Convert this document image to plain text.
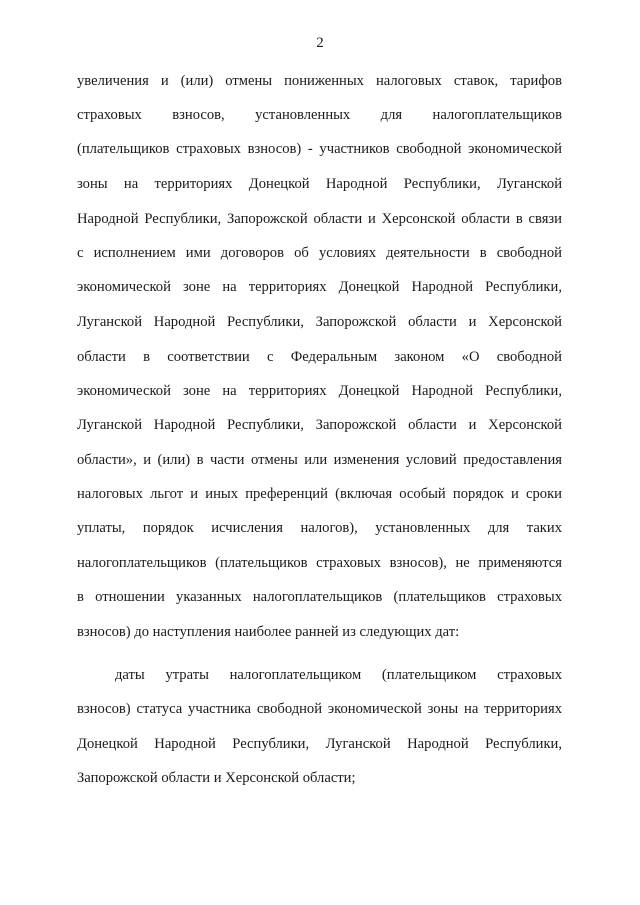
2
увеличения и (или) отмены пониженных налоговых ставок, тарифов
страховых взносов, установленных для налогоплательщиков
(плательщиков страховых взносов) - участников свободной экономической
зоны на территориях Донецкой Народной Республики, Луганской
Народной Республики, Запорожской области и Херсонской области в связи
с исполнением ими договоров об условиях деятельности в свободной
экономической зоне на территориях Донецкой Народной Республики,
Луганской Народной Республики, Запорожской области и Херсонской
области в соответствии с Федеральным законом «О свободной
экономической зоне на территориях Донецкой Народной Республики,
Луганской Народной Республики, Запорожской области и Херсонской
области», и (или) в части отмены или изменения условий предоставления
налоговых льгот и иных преференций (включая особый порядок и сроки
уплаты, порядок исчисления налогов), установленных для таких
налогоплательщиков (плательщиков страховых взносов), не применяются
в отношении указанных налогоплательщиков (плательщиков страховых
взносов) до наступления наиболее ранней из следующих дат:
даты утраты налогоплательщиком (плательщиком страховых
взносов) статуса участника свободной экономической зоны на территориях
Донецкой Народной Республики, Луганской Народной Республики,
Запорожской области и Херсонской области;
